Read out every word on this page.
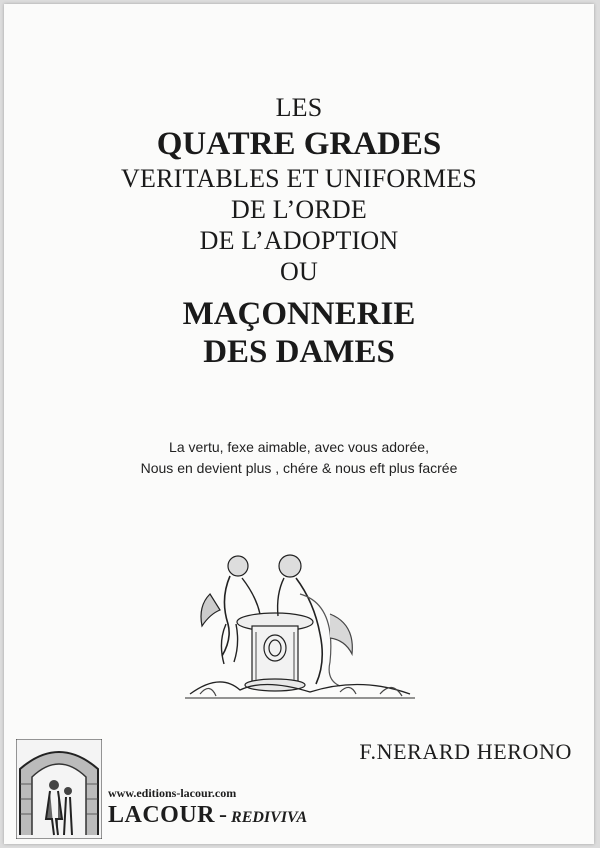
LES
QUATRE GRADES
VERITABLES ET UNIFORMES
DE L’ORDE
DE L’ADOPTION
OU
MAÇONNERIE
DES DAMES
La vertu, fexe aimable, avec vous adorée,
Nous en devient plus , chére & nous eft plus facrée
F.NERARD HERONO
www.editions-lacour.com
LACOUR - REDIVIVA
